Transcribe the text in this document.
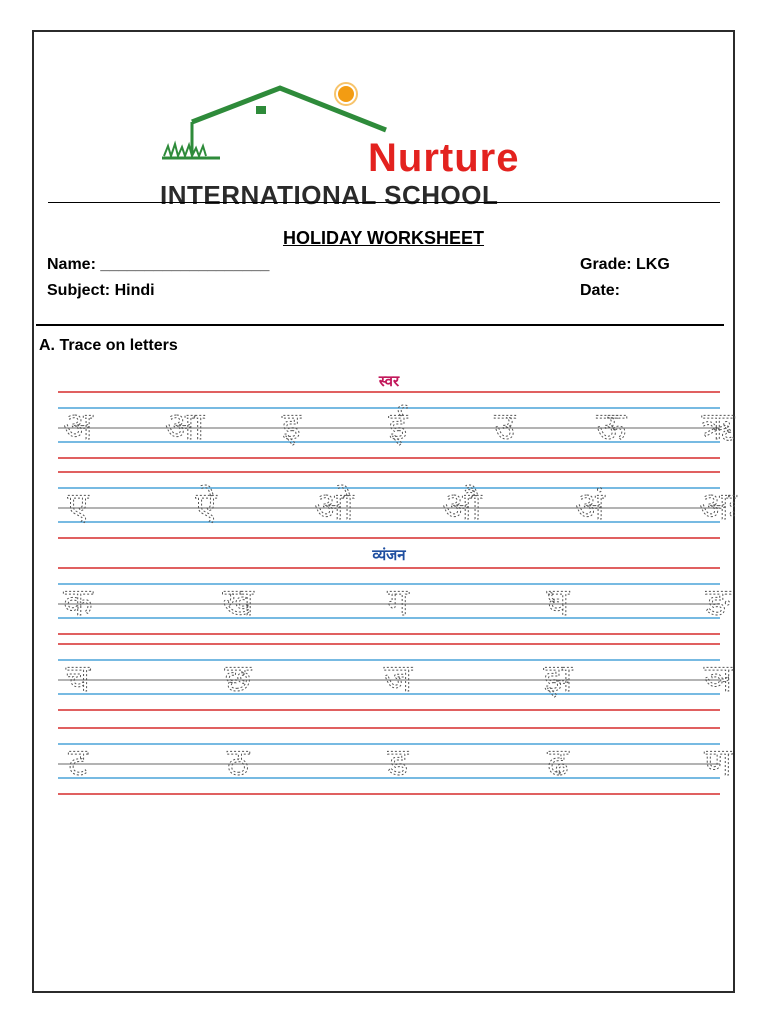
Nurture
INTERNATIONAL SCHOOL
HOLIDAY WORKSHEET
Name: ___________________
Subject: Hindi
Grade: LKG
Date:
A. Trace on letters
स्वर
अ आ इ ई उ ऊ ऋ
ए	ऐ	ओ औ अं	अः
व्यंजन
क	ख	ग	घ	ङ
च	छ	ज	झ	ञ
ट	ठ	ड	ढ	ण
